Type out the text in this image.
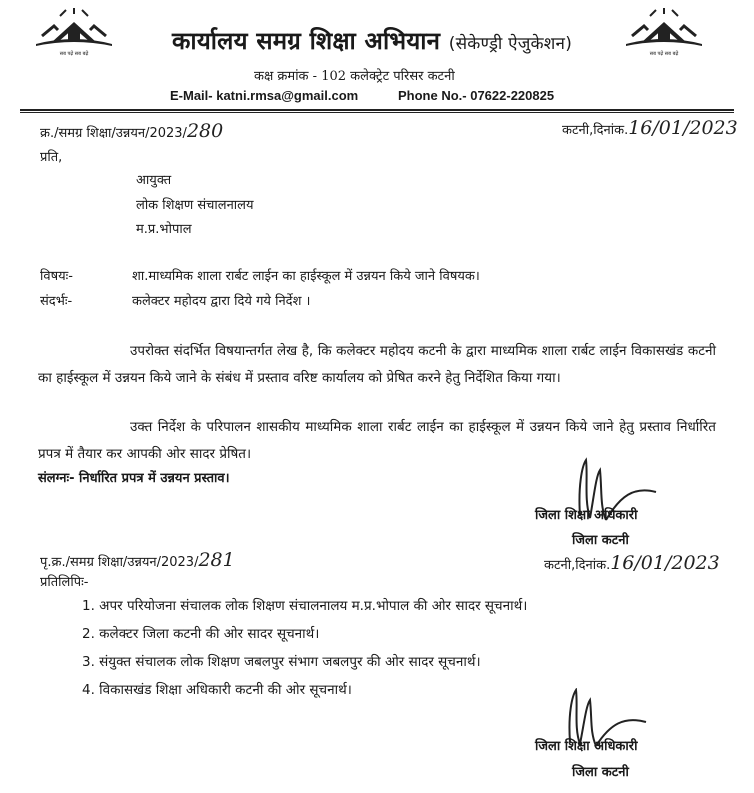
सब पढ़ें सब बढ़ें	सब पढ़ें सब बढ़ें
कार्यालय समग्र शिक्षा अभियान (सेकेण्ड्री ऐजुकेशन)
कक्ष क्रमांक - 102 कलेक्ट्रेट परिसर कटनी
E-Mail- katni.rmsa@gmail.com	Phone No.- 07622-220825
क्र./समग्र शिक्षा/उन्नयन/2023/280	कटनी,दिनांक.16/01/2023
प्रति,
आयुक्त
लोक शिक्षण संचालनालय
म.प्र.भोपाल
विषयः-	शा.माध्यमिक शाला रार्बट लाईन का हाईस्कूल में उन्नयन किये जाने विषयक।
संदर्भः-	कलेक्टर महोदय द्वारा दिये गये निर्देश ।
उपरोक्त संदर्भित विषयान्तर्गत लेख है, कि कलेक्टर महोदय कटनी के द्वारा माध्यमिक शाला रार्बट लाईन विकासखंड कटनी का हाईस्कूल में उन्नयन किये जाने के संबंध में प्रस्ताव वरिष्ट कार्यालय को प्रेषित करने हेतु निर्देशित किया गया।
उक्त निर्देश के परिपालन शासकीय माध्यमिक शाला रार्बट लाईन का हाईस्कूल में उन्नयन किये जाने हेतु प्रस्ताव निर्धारित प्रपत्र में तैयार कर आपकी ओर सादर प्रेषित।
संलग्नः- निर्धारित प्रपत्र में उन्नयन प्रस्ताव।
जिला शिक्षा अधिकारी
जिला कटनी
पृ.क्र./समग्र शिक्षा/उन्नयन/2023/281	कटनी,दिनांक.16/01/2023
प्रतिलिपिः-
1. अपर परियोजना संचालक लोक शिक्षण संचालनालय म.प्र.भोपाल की ओर सादर सूचनार्थ।
2. कलेक्टर जिला कटनी की ओर सादर सूचनार्थ।
3. संयुक्त संचालक लोक शिक्षण जबलपुर संभाग जबलपुर की ओर सादर सूचनार्थ।
4. विकासखंड शिक्षा अधिकारी कटनी की ओर सूचनार्थ।
जिला शिक्षा अधिकारी
जिला कटनी
